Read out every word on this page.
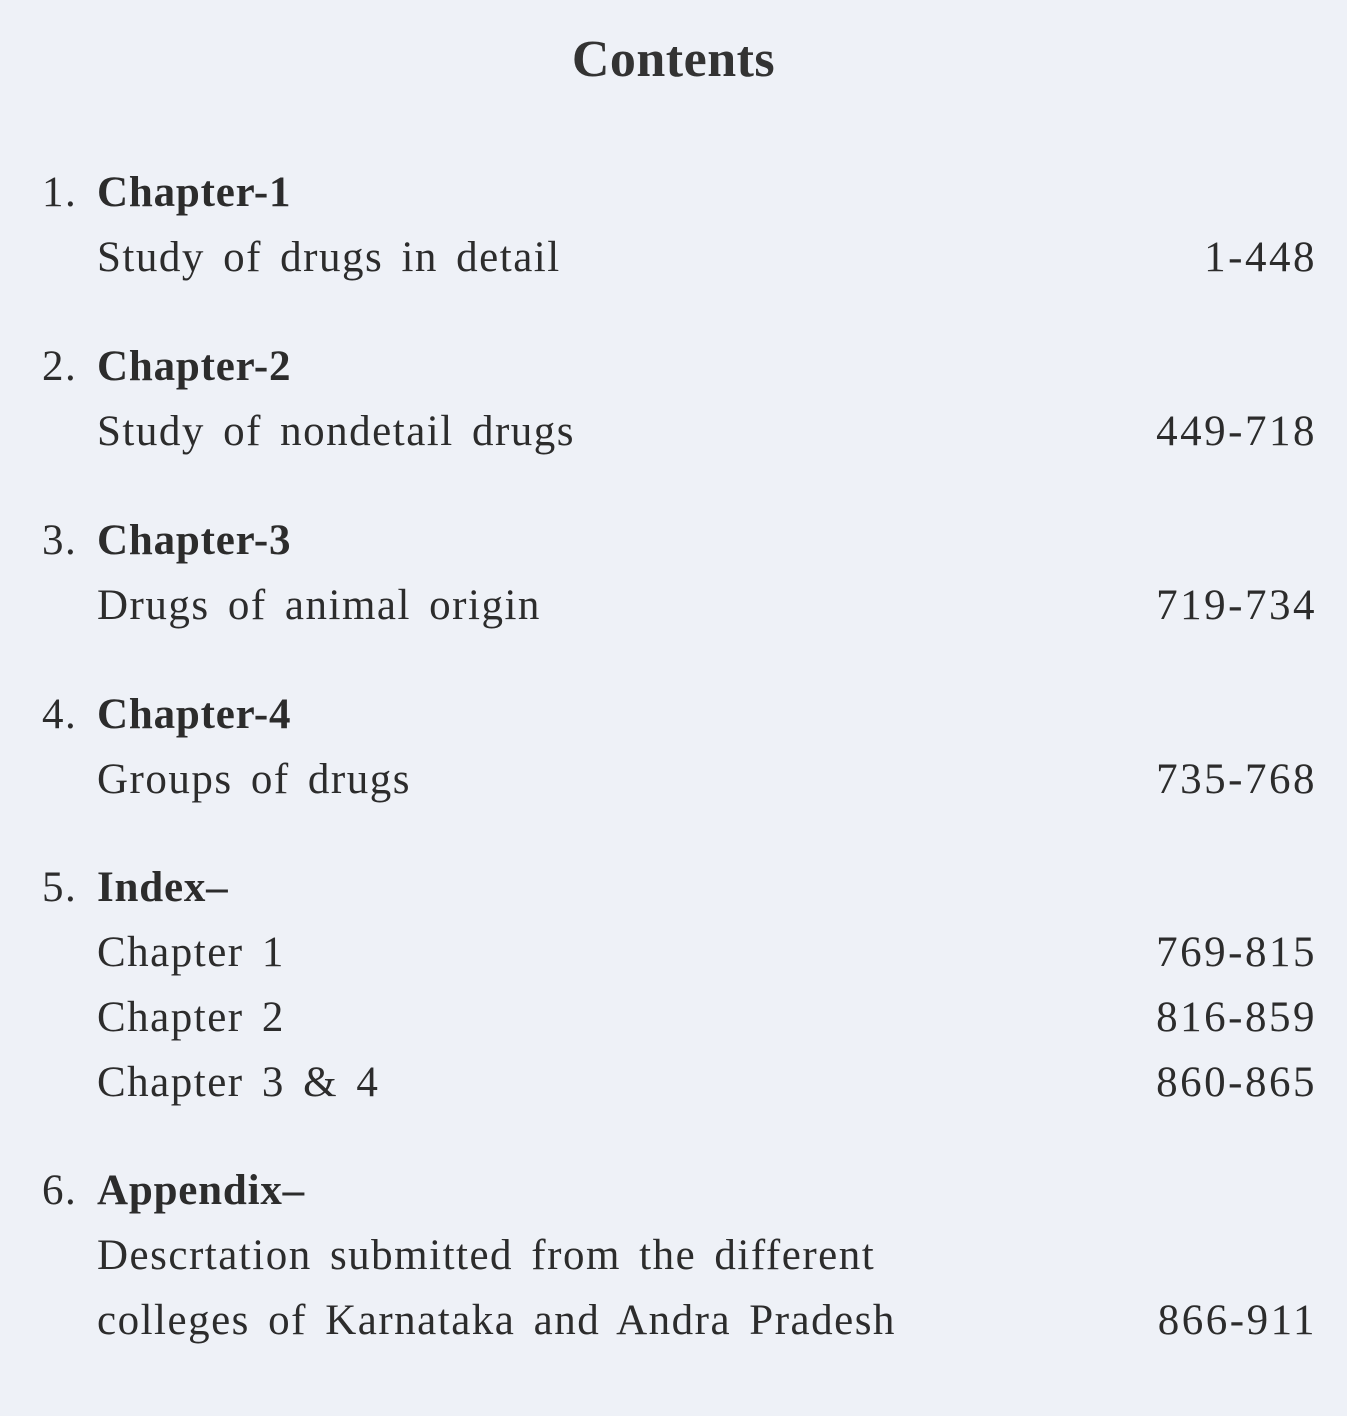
Contents
1. Chapter-1
Study of drugs in detail	1-448
2. Chapter-2
Study of nondetail drugs	449-718
3. Chapter-3
Drugs of animal origin	719-734
4. Chapter-4
Groups of drugs	735-768
5. Index–
Chapter 1	769-815
Chapter 2	816-859
Chapter 3 & 4	860-865
6. Appendix–
Descrtation submitted from the different
colleges of Karnataka and Andra Pradesh	866-911
